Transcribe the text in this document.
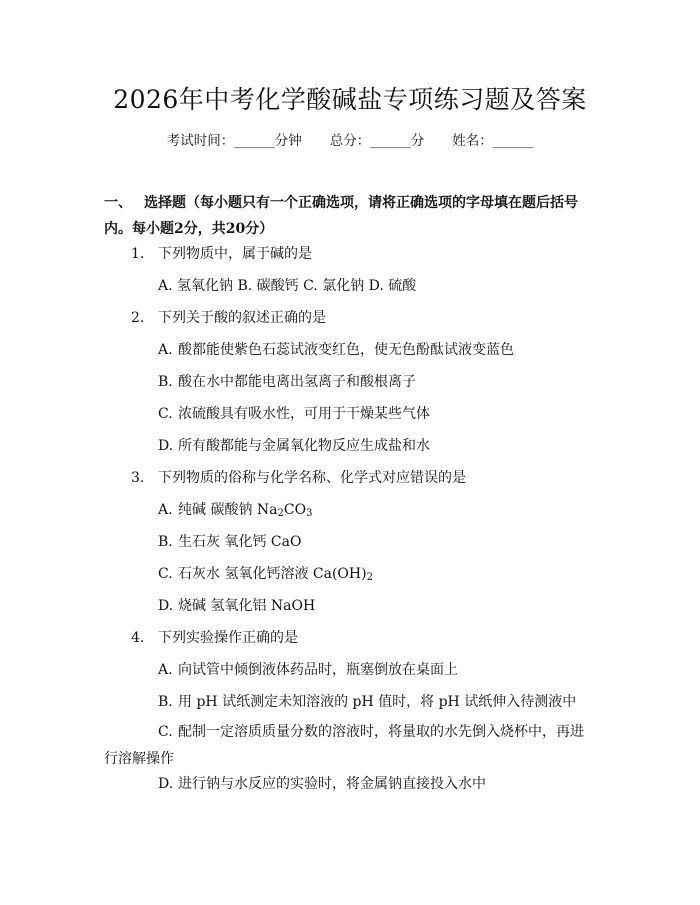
2026年中考化学酸碱盐专项练习题及答案
考试时间：______分钟 总分：______分 姓名：______
一、 选择题（每小题只有一个正确选项，请将正确选项的字母填在题后括号内。每小题2分，共20分）
1. 下列物质中，属于碱的是
A. 氢氧化钠 B. 碳酸钙 C. 氯化钠 D. 硫酸
2. 下列关于酸的叙述正确的是
A. 酸都能使紫色石蕊试液变红色，使无色酚酞试液变蓝色
B. 酸在水中都能电离出氢离子和酸根离子
C. 浓硫酸具有吸水性，可用于干燥某些气体
D. 所有酸都能与金属氧化物反应生成盐和水
3. 下列物质的俗称与化学名称、化学式对应错误的是
A. 纯碱 碳酸钠 $Na_2CO_3$
B. 生石灰 氧化钙 CaO
C. 石灰水 氢氧化钙溶液 $Ca(OH)_2$
D. 烧碱 氢氧化铝 NaOH
4. 下列实验操作正确的是
A. 向试管中倾倒液体药品时，瓶塞倒放在桌面上
B. 用 pH 试纸测定未知溶液的 pH 值时，将 pH 试纸伸入待测液中
C. 配制一定溶质质量分数的溶液时，将量取的水先倒入烧杯中，再进行溶解操作
D. 进行钠与水反应的实验时，将金属钠直接投入水中
